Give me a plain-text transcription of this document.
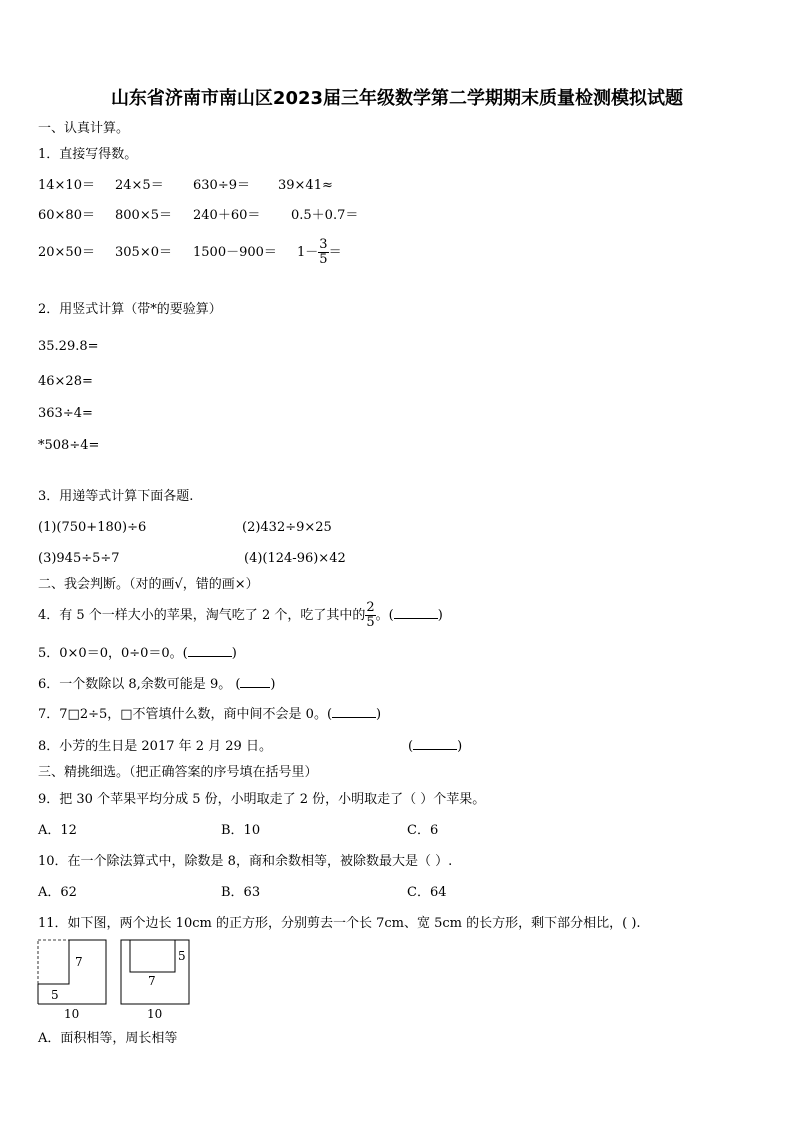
山东省济南市南山区2023届三年级数学第二学期期末质量检测模拟试题
一、认真计算。
1．直接写得数。
14×10＝ 24×5＝ 630÷9＝ 39×41≈
60×80＝ 800×5＝ 240＋60＝ 0.5＋0.7＝
$20\times 50= 305\times 0= 1500-900= 1- \frac{3}{5}$ ＝
2．用竖式计算（带*的要验算）
35.29.8=
46×28=
363÷4=
*508÷4=
3．用递等式计算下面各题.
(1)(750+180)÷6	(2)432÷9×25
(3)945÷5÷7	(4)(124-96)×42
二、我会判断。（对的画√，错的画×）
4．有 5 个一样大小的苹果，淘气吃了 2 个，吃了其中的 $\frac{2}{5}$ 。(	)
5．0×0＝0，0÷0＝0。(	)
6．一个数除以 8,余数可能是 9。 ( )
7．7□2÷5，□不管填什么数，商中间不会是 0。(	)
8．小芳的生日是 2017 年 2 月 29 日。	(	)
三、精挑细选。（把正确答案的序号填在括号里）
9．把 30 个苹果平均分成 5 份，小明取走了 2 份，小明取走了（ ）个苹果。
A．12	B．10	C．6
10．在一个除法算式中，除数是 8，商和余数相等，被除数最大是（ ）.
A．62	B．63	C．64
11．如下图，两个边长 10cm 的正方形，分别剪去一个长 7cm、宽 5cm 的长方形，剩下部分相比，( ).
7
5
10
7
5
10
A．面积相等，周长相等
